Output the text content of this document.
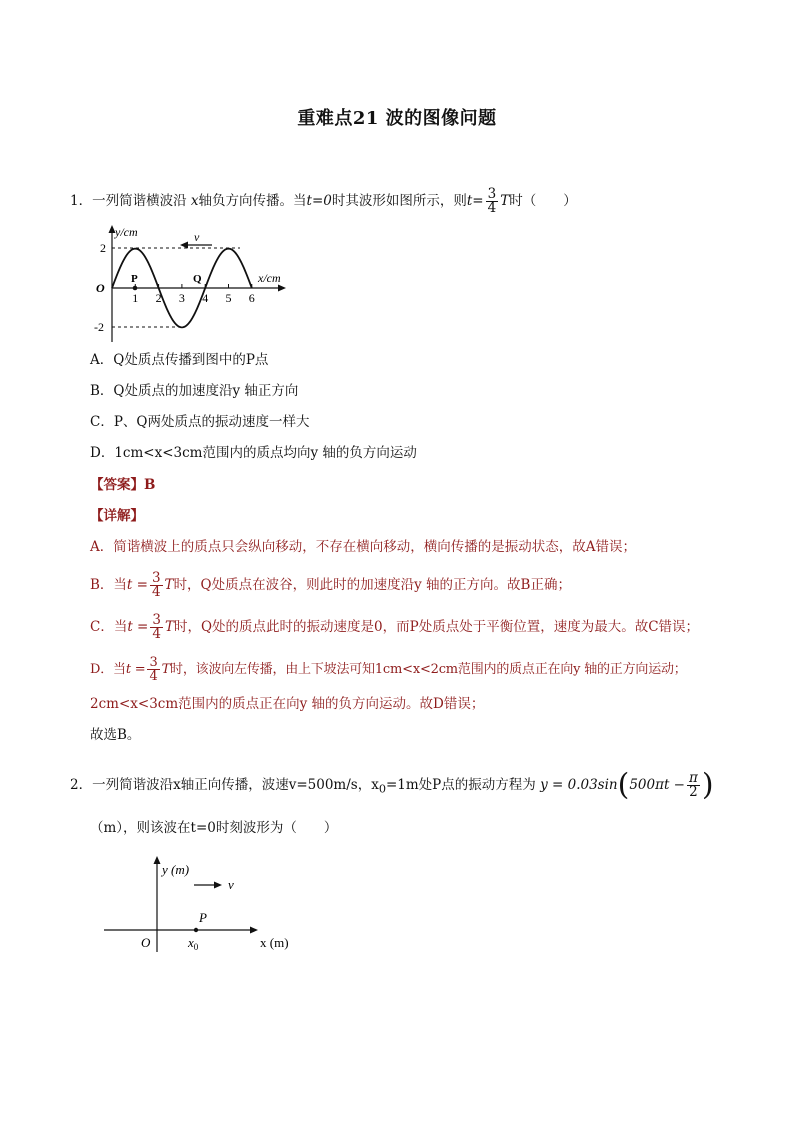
重难点21 波的图像问题
1．一列简谐横波沿 x轴负方向传播。当t=0时其波形如图所示，则$t= \frac{3}{4}$ T时（　　）
1 2 3 4 5 6
y/cm
x/cm
O
2
-2
P	Q
v
A．Q处质点传播到图中的P点
B．Q处质点的加速度沿y 轴正方向
C．P、Q两处质点的振动速度一样大
D．1cm<x<3cm范围内的质点均向y 轴的负方向运动
【答案】B
【详解】
A．简谐横波上的质点只会纵向移动，不存在横向移动，横向传播的是振动状态，故A错误；
B．当$t = \frac{3}{4}$ T时，Q处质点在波谷，则此时的加速度沿y 轴的正方向。故B正确；
C．当$t = \frac{3}{4}$ T时，Q处的质点此时的振动速度是0，而P处质点处于平衡位置，速度为最大。故C错误；
D．当$t = \frac{3}{4}$ T时，该波向左传播，由上下坡法可知1cm<x<2cm范围内的质点正在向y 轴的正方向运动；
2cm<x<3cm范围内的质点正在向y 轴的负方向运动。故D错误；
故选B。
2．一列简谐波沿x轴正向传播，波速v=500m/s，$x_0=1m$处P点的振动方程为 $y = 0.03\sin(500\pi t - \frac{\pi}{2}$ )
（m），则该波在t=0时刻波形为（　　）
y (m)
x (m)
O
v
P
$x_0$
